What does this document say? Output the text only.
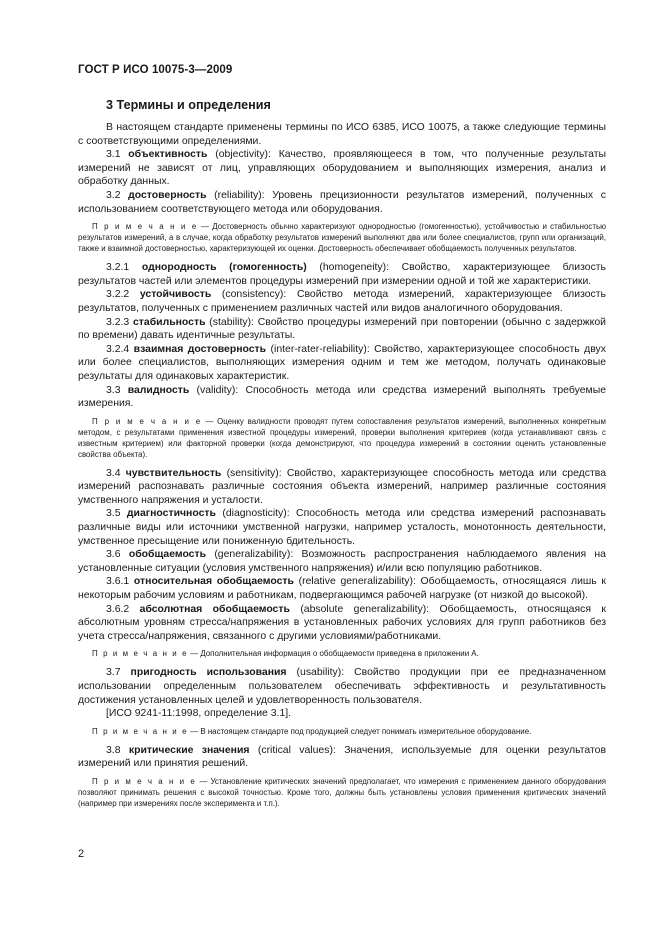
ГОСТ Р ИСО 10075-3—2009
3 Термины и определения

В настоящем стандарте применены термины по ИСО 6385, ИСО 10075, а также следующие термины с соответствующими определениями.

3.1 объективность (objectivity): Качество, проявляющееся в том, что полученные результаты измерений не зависят от лиц, управляющих оборудованием и выполняющих измерения, анализ и обработку данных.

3.2 достоверность (reliability): Уровень прецизионности результатов измерений, полученных с использованием соответствующего метода или оборудования.

П р и м е ч а н и е — Достоверность обычно характеризуют однородностью (гомогенностью), устойчивостью и стабильностью результатов измерений, а в случае, когда обработку результатов измерений выполняют два или более специалистов, групп или организаций, также и взаимной достоверностью, характеризующей их оценки. Достоверность обеспечивает обобщаемость полученных результатов.

3.2.1 однородность (гомогенность) (homogeneity): Свойство, характеризующее близость результатов частей или элементов процедуры измерений при измерении одной и той же характеристики.

3.2.2 устойчивость (consistency): Свойство метода измерений, характеризующее близость результатов, полученных с применением различных частей или видов аналогичного оборудования.

3.2.3 стабильность (stability): Свойство процедуры измерений при повторении (обычно с задержкой по времени) давать идентичные результаты.

3.2.4 взаимная достоверность (inter-rater-reliability): Свойство, характеризующее способность двух или более специалистов, выполняющих измерения одним и тем же методом, получать одинаковые результаты для одинаковых характеристик.

3.3 валидность (validity): Способность метода или средства измерений выполнять требуемые измерения.

П р и м е ч а н и е — Оценку валидности проводят путем сопоставления результатов измерений, выполненных конкретным методом, с результатами применения известной процедуры измерений, проверки выполнения критериев (когда устанавливают связь с известным критерием) или факторной проверки (когда демонстрируют, что процедура измерений в состоянии оценить установленные свойства объекта).

3.4 чувствительность (sensitivity): Свойство, характеризующее способность метода или средства измерений распознавать различные состояния объекта измерений, например различные состояния умственного напряжения и усталости.

3.5 диагностичность (diagnosticity): Способность метода или средства измерений распознавать различные виды или источники умственной нагрузки, например усталость, монотонность деятельности, умственное пресыщение или пониженную бдительность.

3.6 обобщаемость (generalizability): Возможность распространения наблюдаемого явления на установленные ситуации (условия умственного напряжения) и/или всю популяцию работников.

3.6.1 относительная обобщаемость (relative generalizability): Обобщаемость, относящаяся лишь к некоторым рабочим условиям и работникам, подвергающимся рабочей нагрузке (от низкой до высокой).

3.6.2 абсолютная обобщаемость (absolute generalizability): Обобщаемость, относящаяся к абсолютным уровням стресса/напряжения в установленных рабочих условиях для групп работников без учета стресса/напряжения, связанного с другими условиями/работниками.

П р и м е ч а н и е — Дополнительная информация о обобщаемости приведена в приложении А.

3.7 пригодность использования (usability): Свойство продукции при ее предназначенном использовании определенным пользователем обеспечивать эффективность и результативность достижения установленных целей и удовлетворенность пользователя.

[ИСО 9241-11:1998, определение 3.1].

П р и м е ч а н и е — В настоящем стандарте под продукцией следует понимать измерительное оборудование.

3.8 критические значения (critical values): Значения, используемые для оценки результатов измерений или принятия решений.

П р и м е ч а н и е — Установление критических значений предполагает, что измерения с применением данного оборудования позволяют принимать решения с высокой точностью. Кроме того, должны быть установлены условия применения критических значений (например при измерениях после эксперимента и т.п.).

2
